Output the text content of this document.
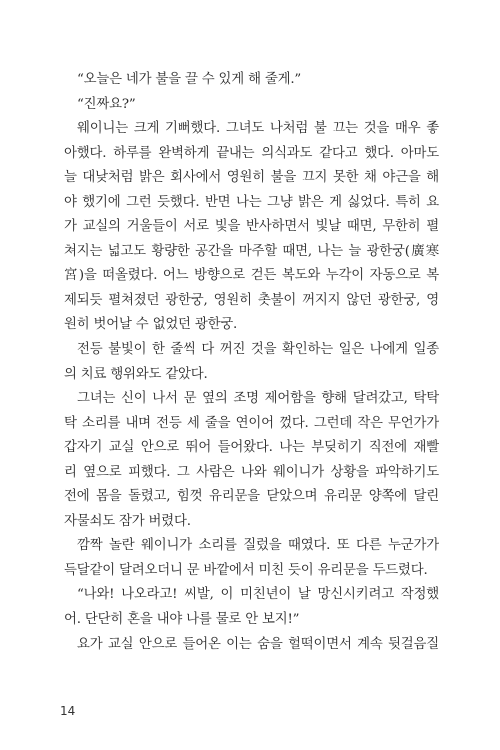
“오늘은 네가 불을 끌 수 있게 해 줄게.”
“진짜요?”
웨이니는 크게 기뻐했다. 그녀도 나처럼 불 끄는 것을 매우 좋
아했다. 하루를 완벽하게 끝내는 의식과도 같다고 했다. 아마도
늘 대낮처럼 밝은 회사에서 영원히 불을 끄지 못한 채 야근을 해
야 했기에 그런 듯했다. 반면 나는 그냥 밝은 게 싫었다. 특히 요
가 교실의 거울들이 서로 빛을 반사하면서 빛날 때면, 무한히 펼
쳐지는 넓고도 황량한 공간을 마주할 때면, 나는 늘 광한궁(廣寒
宮)을 떠올렸다. 어느 방향으로 걷든 복도와 누각이 자동으로 복
제되듯 펼쳐졌던 광한궁, 영원히 촛불이 꺼지지 않던 광한궁, 영
원히 벗어날 수 없었던 광한궁.
전등 불빛이 한 줄씩 다 꺼진 것을 확인하는 일은 나에게 일종
의 치료 행위와도 같았다.
그녀는 신이 나서 문 옆의 조명 제어함을 향해 달려갔고, 탁탁
탁 소리를 내며 전등 세 줄을 연이어 껐다. 그런데 작은 무언가가
갑자기 교실 안으로 뛰어 들어왔다. 나는 부딪히기 직전에 재빨
리 옆으로 피했다. 그 사람은 나와 웨이니가 상황을 파악하기도
전에 몸을 돌렸고, 힘껏 유리문을 닫았으며 유리문 양쪽에 달린
자물쇠도 잠가 버렸다.
깜짝 놀란 웨이니가 소리를 질렀을 때였다. 또 다른 누군가가
득달같이 달려오더니 문 바깥에서 미친 듯이 유리문을 두드렸다.
“나와! 나오라고! 씨발, 이 미친년이 날 망신시키려고 작정했
어. 단단히 혼을 내야 나를 물로 안 보지!”
요가 교실 안으로 들어온 이는 숨을 헐떡이면서 계속 뒷걸음질
14
